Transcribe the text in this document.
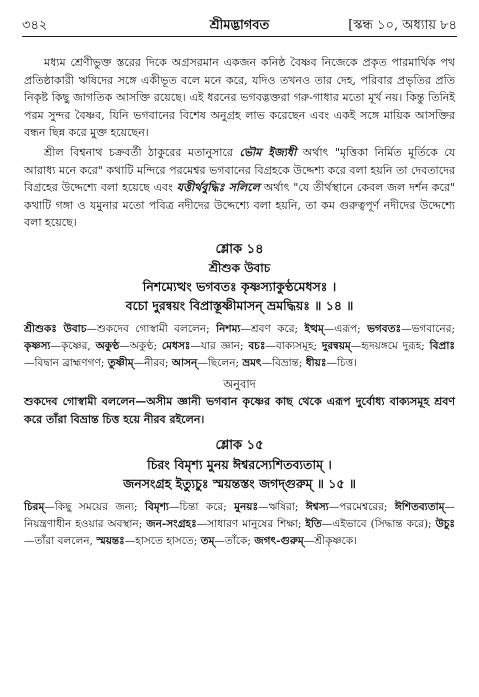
৩৪২	শ্রীমদ্ভাগবত	[স্কন্ধ ১০, অধ্যায় ৮৪

মধ্যম শ্রেণীভুক্ত স্তরের দিকে অগ্রসরমান একজন কনিষ্ঠ বৈষ্ণব নিজেকে প্রকৃত পারমার্থিক পথ প্রতিষ্ঠাকারী ঋষিদের সঙ্গে একীভূত বলে মনে করে, যদিও তখনও তার দেহ, পরিবার প্রভৃতির প্রতি নিকৃষ্ট কিছু জাগতিক আসক্তি রয়েছে। এই ধরনের ভগবদ্ভক্তরা গরু-গাধার মতো মূর্খ নয়। কিন্তু তিনিই পরম সুন্দর বৈষ্ণব, যিনি ভগবানের বিশেষ অনুগ্রহ লাভ করেছেন এবং একই সঙ্গে মায়িক আসক্তির বন্ধন ছিন্ন করে মুক্ত হয়েছেন।

শ্রীল বিশ্বনাথ চক্রবর্তী ঠাকুরের মতানুসারে ভৌম ইজ্যধী অর্থাৎ "মৃত্তিকা নির্মিত মূর্তিকে যে আরাধ্য মনে করে" কথাটি মন্দিরে পরমেশ্বর ভগবানের বিগ্রহকে উদ্দেশ্য করে বলা হয়নি তা দেবতাদের বিগ্রহের উদ্দেশ্যে বলা হয়েছে এবং যত্তীর্থবুদ্ধিঃ সলিলে অর্থাৎ "যে তীর্থস্থানে কেবল জল দর্শন করে" কথাটি গঙ্গা ও যমুনার মতো পবিত্র নদীদের উদ্দেশ্যে বলা হয়নি, তা কম গুরুত্বপূর্ণ নদীদের উদ্দেশ্যে বলা হয়েছে।

শ্লোক ১৪
শ্রীশুক উবাচ
নিশম্যেত্থং ভগবতঃ কৃষ্ণস্যাকুণ্ঠমেধসঃ ।
বচো দুরন্বয়ং বিপ্রাস্তূষ্ণীমাসন্ ভ্রমদ্ধিয়ঃ ॥ ১৪ ॥

শ্রীশুকঃ উবাচ—শুকদেব গোস্বামী বললেন; নিশম্য—শ্রবণ করে; ইত্থম্—এরূপ; ভগবতঃ—ভগবানের; কৃষ্ণস্য—কৃষ্ণের, অকুণ্ঠ—অকুণ্ঠ; মেধসঃ—যার জ্ঞান; বচঃ—বাক্যসমূহ; দুরন্বয়ম্—হৃদয়ঙ্গমে দুরূহ; বিপ্রাঃ—বিদ্বান ব্রাহ্মণগণ; তুষ্ণীম্—নীরব; আসন্—ছিলেন; ভ্রমৎ—বিভ্রান্ত; ধীয়ঃ—চিত্ত।

অনুবাদ

শুকদেব গোস্বামী বললেন—অসীম জ্ঞানী ভগবান কৃষ্ণের কাছ থেকে এরূপ দুর্বোধ্য বাক্যসমূহ শ্রবণ করে তাঁরা বিভ্রান্ত চিত্ত হয়ে নীরব রইলেন।

শ্লোক ১৫
চিরং বিমৃশ্য মুনয় ঈশ্বরস্যেশিতব্যতাম্ ।
জনসংগ্রহ ইত্যুচুঃ স্ময়ন্তস্তং জগদ্গুরুম্ ॥ ১৫ ॥

চিরম্—কিছু সময়ের জন্য; বিমৃশ্য—চিন্তা করে; মুনয়ঃ—ঋষিরা; ঈশ্বস্য—পরমেশ্বরের; ঈশিতব্যতাম্—নিয়ন্ত্রণাধীন হওয়ার অবস্থান; জন-সংগ্রহঃ—সাধারণ মানুষের শিক্ষা; ইতি—এইভাবে (সিদ্ধান্ত করে); উচুঃ—তাঁরা বললেন, স্ময়ন্তঃ—হাসতে হাসতে; তম্—তাঁকে; জগৎ-গুরুম্—শ্রীকৃষ্ণকে।
